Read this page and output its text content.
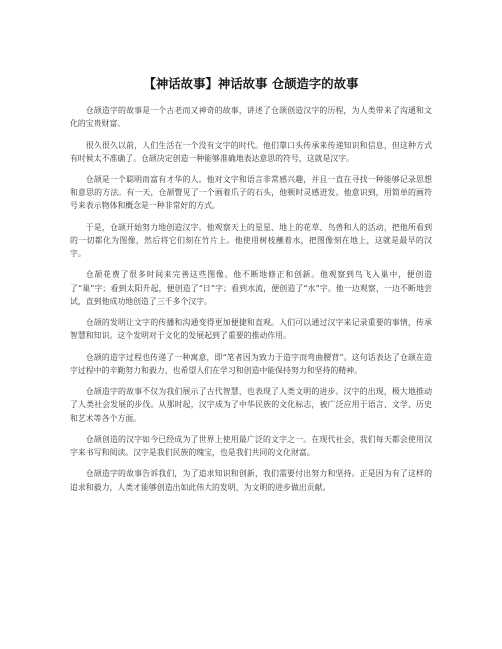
【神话故事】神话故事 仓颉造字的故事

仓颉造字的故事是一个古老而又神奇的故事，讲述了仓颉创造汉字的历程，为人类带来了沟通和文化的宝贵财富。

很久很久以前，人们生活在一个没有文字的时代。他们靠口头传承来传递知识和信息，但这种方式有时候太不准确了。仓颉决定创造一种能够准确地表达意思的符号，这就是汉字。

仓颉是一个聪明而富有才华的人。他对文字和语言非常感兴趣，并且一直在寻找一种能够记录思想和意思的方法。有一天，仓颉瞥见了一个画着爪子的石头，他顿时灵感迸发。他意识到，用简单的画符号来表示物体和概念是一种非常好的方式。

于是，仓颉开始努力地创造汉字。他观察天上的星星、地上的花草、鸟兽和人的活动，把他所看到的一切都化为图像，然后将它们刻在竹片上。他使用树枝蘸着水，把图像刻在地上，这就是最早的汉字。

仓颉花费了很多时间来完善这些图像。他不断地修正和创新。他观察到鸟飞入巢中，便创造了“巢”字；看到太阳升起，便创造了“日”字；看到水流，便创造了“水”字。他一边观察，一边不断地尝试，直到他成功地创造了三千多个汉字。

仓颉的发明让文字的传播和沟通变得更加便捷和直观。人们可以通过汉字来记录重要的事情，传承智慧和知识。这个发明对于文化的发展起到了重要的推动作用。

仓颉的造字过程也传递了一种寓意，即“笔者因为致力于造字而弯曲腰背”。这句话表达了仓颉在造字过程中的辛勤努力和毅力，也希望人们在学习和创造中能保持努力和坚持的精神。

仓颉造字的故事不仅为我们展示了古代智慧，也表现了人类文明的进步。汉字的出现，极大地推动了人类社会发展的步伐。从那时起，汉字成为了中华民族的文化标志，被广泛应用于语言、文学、历史和艺术等各个方面。

仓颉创造的汉字如今已经成为了世界上使用最广泛的文字之一。在现代社会，我们每天都会使用汉字来书写和阅读。汉字是我们民族的瑰宝，也是我们共同的文化财富。

仓颉造字的故事告诉我们，为了追求知识和创新，我们需要付出努力和坚持。正是因为有了这样的追求和毅力，人类才能够创造出如此伟大的发明，为文明的进步做出贡献。
